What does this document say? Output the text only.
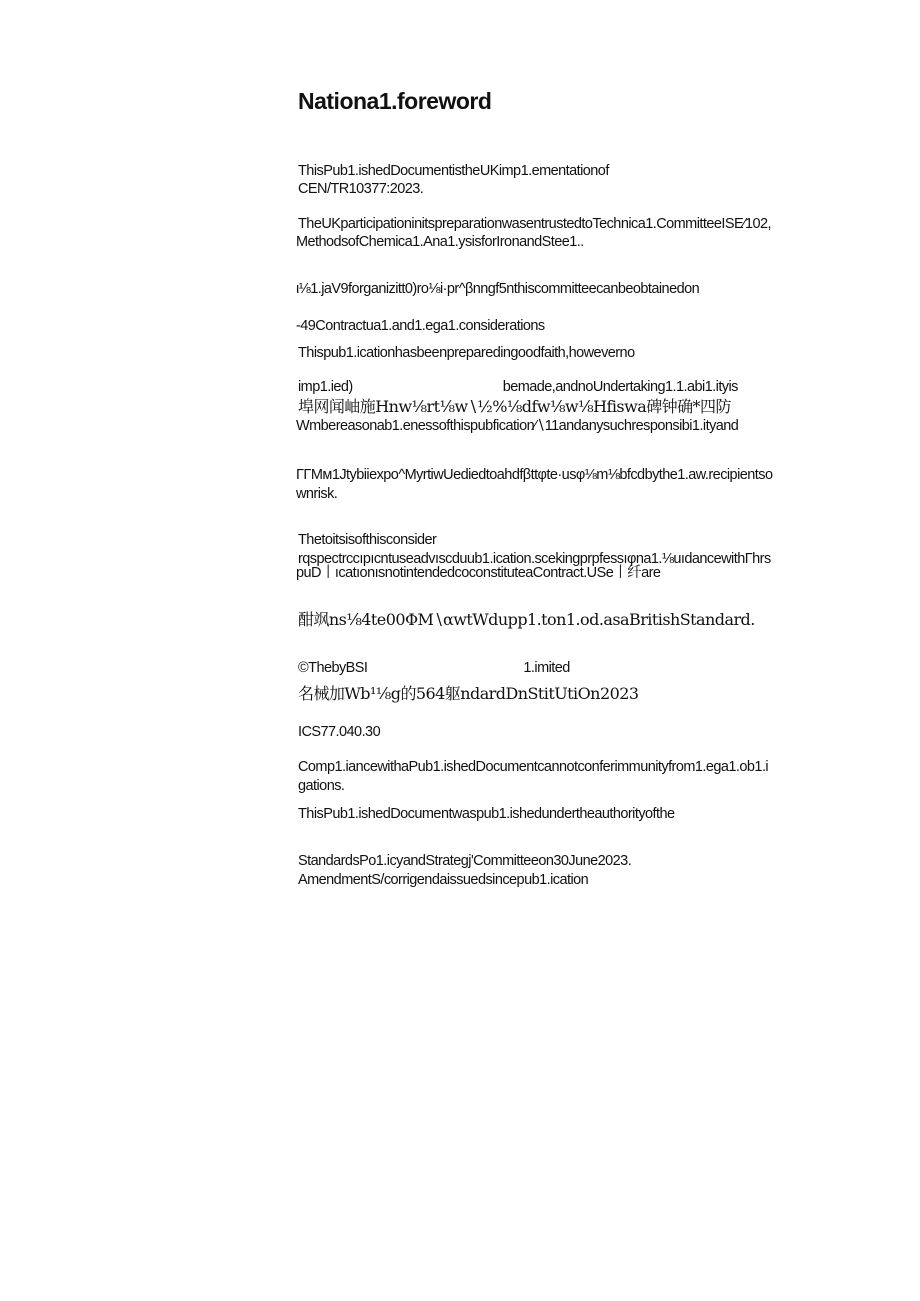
Nationa1.foreword
ThisPub1.ishedDocumentistheUKimp1.ementationof
CEN/TR10377:2023.
TheUKparticipationinitspreparationwasentrustedtoTechnica1.CommitteeISE⁄102,
MethodsofChemica1.Ana1.ysisforIronandStee1..
ι⅛1.jaV9forganizitt0)ro⅛i·pr^βnngf5nthiscommitteecanbeobtainedon
-49Contractua1.and1.ega1.considerations
Thispub1.icationhasbeenpreparedingoodfaith,howeverno
imp1.ied)	bemade,andnoUndertaking1.1.abi1.ityis
埠网闻岫施Hnw⅛rt⅛w∖½%⅛dfw⅛w⅛Hfiswa碑钟确*四防
Wmbereasonab1.enessofthispubfication∕∖11andanysuchresponsibi1.ityand
ΓΓΜм1Jtybiiexpo^MyrtiwUediedtoahdfβttφte·usφ⅛m⅛bfcdbythe1.aw.recipientso
wnrisk.
Thetoitsisofthisconsider
rqspectrccıpıcntuseadvıscduub1.ication.scekingprpfessıφna1.⅛uıdancewithΓhrs
puD丨ıcatıonısnotintendedcoconstituteaContract.USe丨纤are
酣飒ns⅛4te00ΦΜ∖αwtWdupp1.ton1.od.asaBritishStandard.
©ThebyBSI	1.imited
名械加Wb¹⅛g的564躯ndardDnStitUtiOn2023
ICS77.040.30
Comp1.iancewithaPub1.ishedDocumentcannotconferimmunityfrom1.ega1.ob1.i
gations.
ThisPub1.ishedDocumentwaspub1.ishedundertheauthorityofthe
StandardsPo1.icyandStrategj'Committeeon30June2023.
AmendmentS/corrigendaissuedsincepub1.ication
